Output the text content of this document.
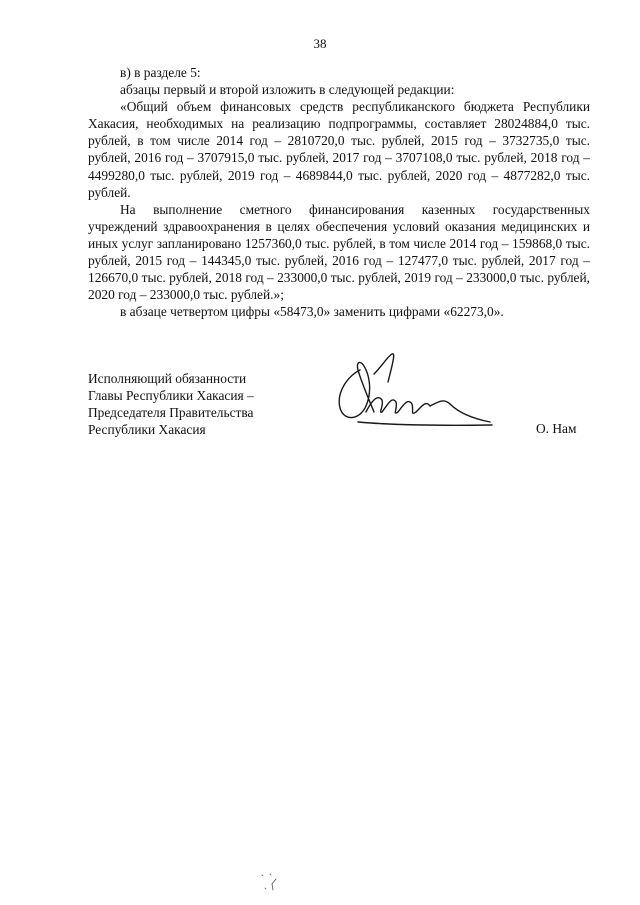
38

в) в разделе 5:

абзацы первый и второй изложить в следующей редакции:

«Общий объем финансовых средств республиканского бюджета Республики Хакасия, необходимых на реализацию подпрограммы, составляет 28024884,0 тыс. рублей, в том числе 2014 год – 2810720,0 тыс. рублей, 2015 год – 3732735,0 тыс. рублей, 2016 год – 3707915,0 тыс. рублей, 2017 год – 3707108,0 тыс. рублей, 2018 год – 4499280,0 тыс. рублей, 2019 год – 4689844,0 тыс. рублей, 2020 год – 4877282,0 тыс. рублей.

На выполнение сметного финансирования казенных государственных учреждений здравоохранения в целях обеспечения условий оказания медицинских и иных услуг запланировано 1257360,0 тыс. рублей, в том числе 2014 год – 159868,0 тыс. рублей, 2015 год – 144345,0 тыс. рублей, 2016 год – 127477,0 тыс. рублей, 2017 год – 126670,0 тыс. рублей, 2018 год – 233000,0 тыс. рублей, 2019 год – 233000,0 тыс. рублей, 2020 год – 233000,0 тыс. рублей.»;

в абзаце четвертом цифры «58473,0» заменить цифрами «62273,0».

Исполняющий обязанности
Главы Республики Хакасия –
Председателя Правительства
Республики Хакасия	О. Нам
